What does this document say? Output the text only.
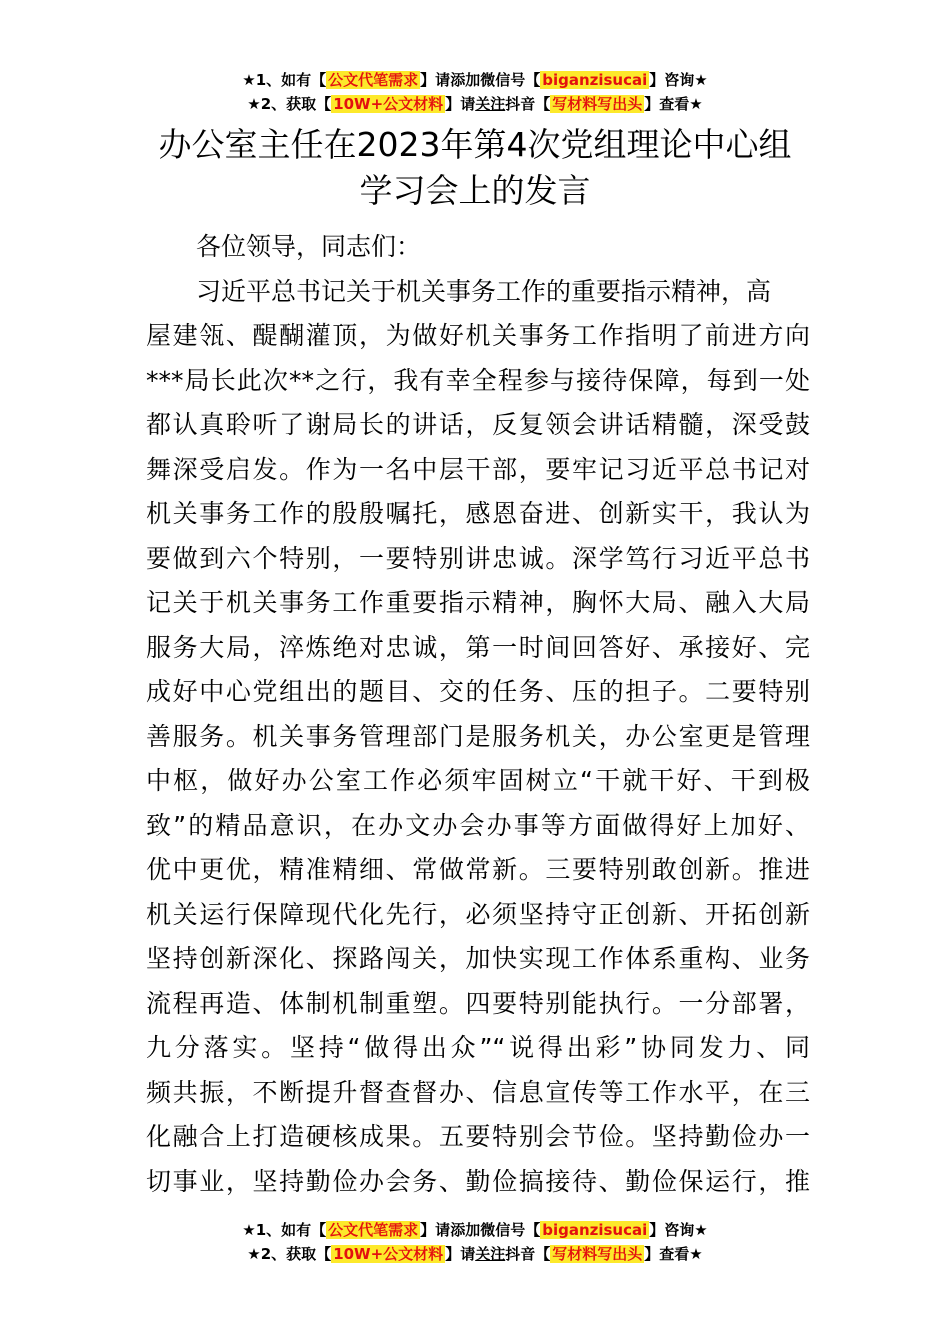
★1、如有【 公文代笔需求 】请添加微信号【 biganzisucai 】咨询★
★2、获取【 10W+公文材料 】请关注抖音【 写材料写出头 】查看★
办公室主任在2023年第4次党组理论中心组
学习会上的发言
各位领导，同志们：
习近平总书记关于机关事务工作的重要指示精神，高
屋建瓴、醍醐灌顶，为做好机关事务工作指明了前进方向
***局长此次**之行，我有幸全程参与接待保障，每到一处
都认真聆听了谢局长的讲话，反复领会讲话精髓，深受鼓
舞深受启发。作为一名中层干部，要牢记习近平总书记对
机关事务工作的殷殷嘱托，感恩奋进、创新实干，我认为
要做到六个特别，一要特别讲忠诚。深学笃行习近平总书
记关于机关事务工作重要指示精神，胸怀大局、融入大局
服务大局，淬炼绝对忠诚，第一时间回答好、承接好、完
成好中心党组出的题目、交的任务、压的担子。二要特别
善服务。机关事务管理部门是服务机关，办公室更是管理
中枢，做好办公室工作必须牢固树立“干就干好、干到极
致”的精品意识，在办文办会办事等方面做得好上加好、
优中更优，精准精细、常做常新。三要特别敢创新。推进
机关运行保障现代化先行，必须坚持守正创新、开拓创新
坚持创新深化、探路闯关，加快实现工作体系重构、业务
流程再造、体制机制重塑。四要特别能执行。一分部署，
九分落实。坚持“做得出众”“说得出彩”协同发力、同
频共振，不断提升督查督办、信息宣传等工作水平，在三
化融合上打造硬核成果。五要特别会节俭。坚持勤俭办一
切事业，坚持勤俭办会务、勤俭搞接待、勤俭保运行，推
★1、如有【 公文代笔需求 】请添加微信号【 biganzisucai 】咨询★
★2、获取【 10W+公文材料 】请关注抖音【 写材料写出头 】查看★
